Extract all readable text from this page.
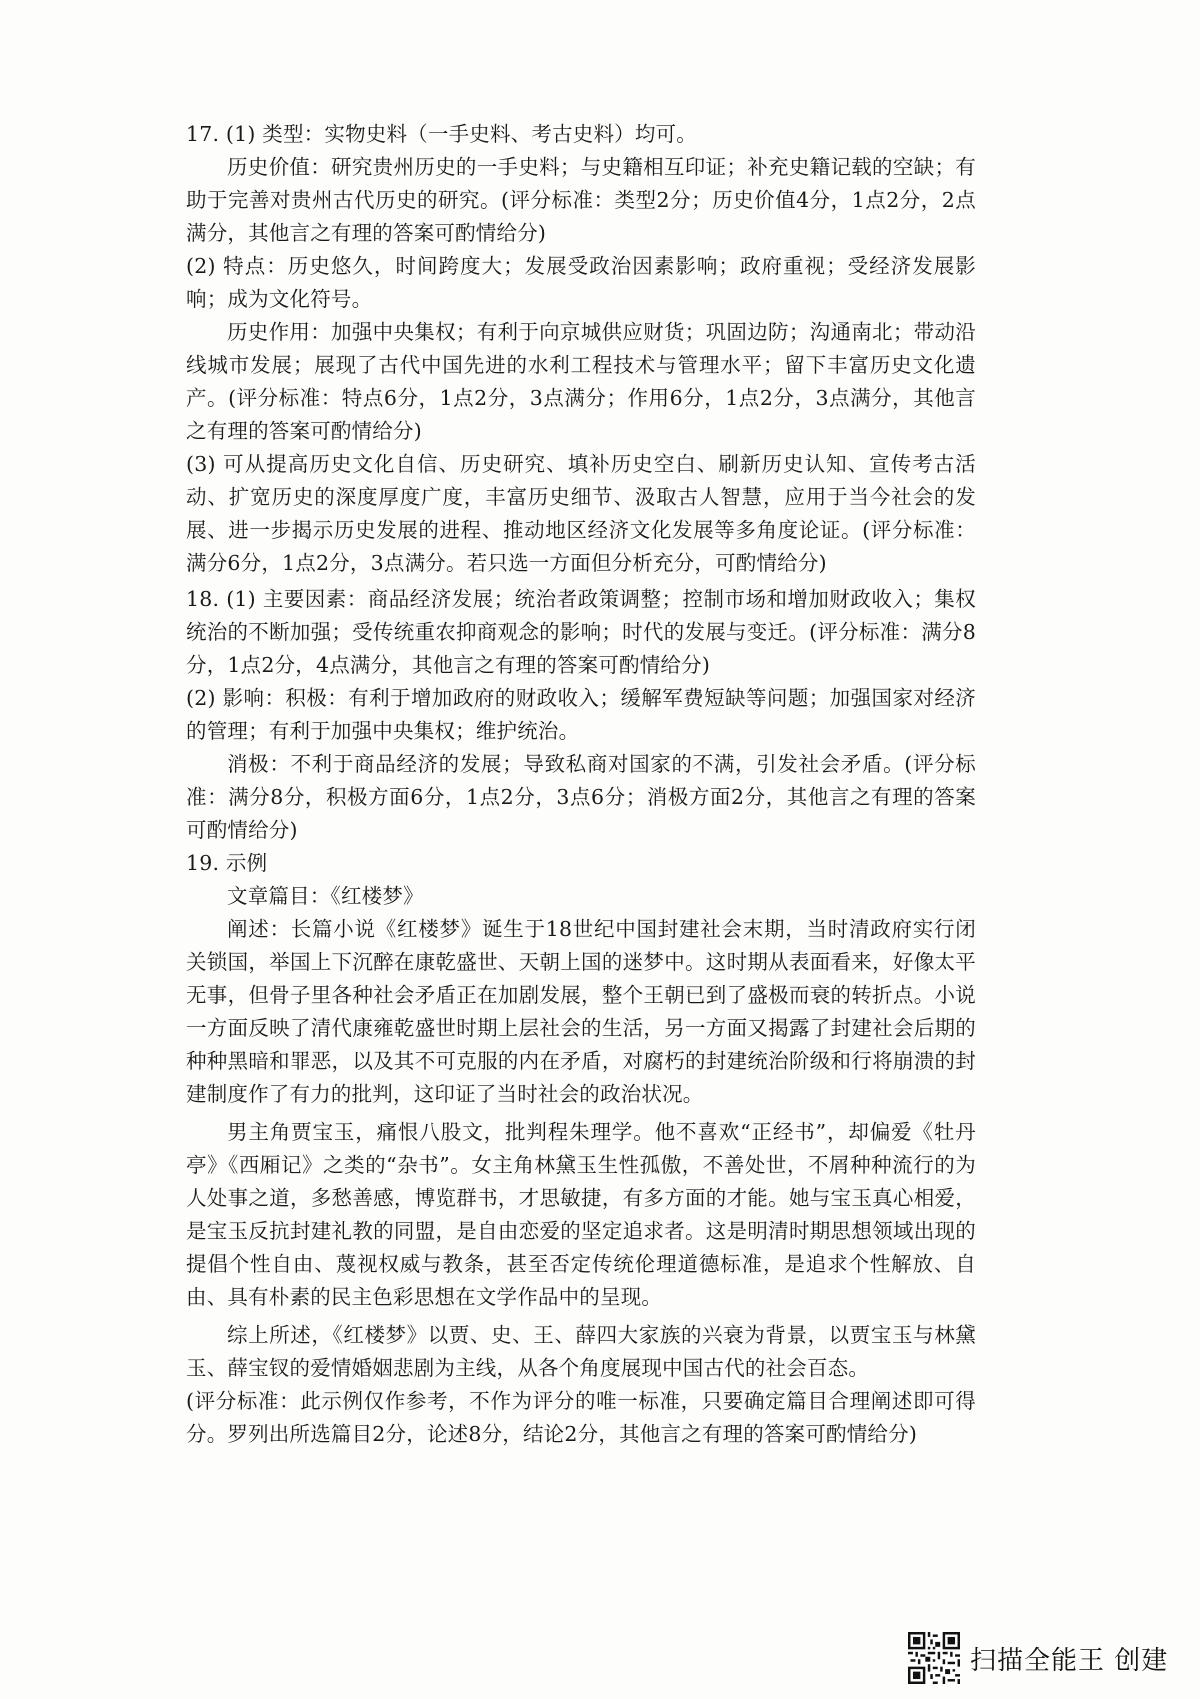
17. (1) 类型：实物史料（一手史料、考古史料）均可。

历史价值：研究贵州历史的一手史料；与史籍相互印证；补充史籍记载的空缺；有助于完善对贵州古代历史的研究。(评分标准：类型2分；历史价值4分，1点2分，2点满分，其他言之有理的答案可酌情给分)

(2) 特点：历史悠久，时间跨度大；发展受政治因素影响；政府重视；受经济发展影响；成为文化符号。

历史作用：加强中央集权；有利于向京城供应财货；巩固边防；沟通南北；带动沿线城市发展；展现了古代中国先进的水利工程技术与管理水平；留下丰富历史文化遗产。(评分标准：特点6分，1点2分，3点满分；作用6分，1点2分，3点满分，其他言之有理的答案可酌情给分)

(3) 可从提高历史文化自信、历史研究、填补历史空白、刷新历史认知、宣传考古活动、扩宽历史的深度厚度广度，丰富历史细节、汲取古人智慧，应用于当今社会的发展、进一步揭示历史发展的进程、推动地区经济文化发展等多角度论证。(评分标准：满分6分，1点2分，3点满分。若只选一方面但分析充分，可酌情给分)

18. (1) 主要因素：商品经济发展；统治者政策调整；控制市场和增加财政收入；集权统治的不断加强；受传统重农抑商观念的影响；时代的发展与变迁。(评分标准：满分8分，1点2分，4点满分，其他言之有理的答案可酌情给分)

(2) 影响：积极：有利于增加政府的财政收入；缓解军费短缺等问题；加强国家对经济的管理；有利于加强中央集权；维护统治。

消极：不利于商品经济的发展；导致私商对国家的不满，引发社会矛盾。(评分标准：满分8分，积极方面6分，1点2分，3点6分；消极方面2分，其他言之有理的答案可酌情给分)

19. 示例

文章篇目：《红楼梦》

阐述：长篇小说《红楼梦》诞生于18世纪中国封建社会末期，当时清政府实行闭关锁国，举国上下沉醉在康乾盛世、天朝上国的迷梦中。这时期从表面看来，好像太平无事，但骨子里各种社会矛盾正在加剧发展，整个王朝已到了盛极而衰的转折点。小说一方面反映了清代康雍乾盛世时期上层社会的生活，另一方面又揭露了封建社会后期的种种黑暗和罪恶，以及其不可克服的内在矛盾，对腐朽的封建统治阶级和行将崩溃的封建制度作了有力的批判，这印证了当时社会的政治状况。

男主角贾宝玉，痛恨八股文，批判程朱理学。他不喜欢“正经书”，却偏爱《牡丹亭》《西厢记》之类的“杂书”。女主角林黛玉生性孤傲，不善处世，不屑种种流行的为人处事之道，多愁善感，博览群书，才思敏捷，有多方面的才能。她与宝玉真心相爱，是宝玉反抗封建礼教的同盟，是自由恋爱的坚定追求者。这是明清时期思想领域出现的提倡个性自由、蔑视权威与教条，甚至否定传统伦理道德标准，是追求个性解放、自由、具有朴素的民主色彩思想在文学作品中的呈现。

综上所述，《红楼梦》以贾、史、王、薛四大家族的兴衰为背景，以贾宝玉与林黛玉、薛宝钗的爱情婚姻悲剧为主线，从各个角度展现中国古代的社会百态。

(评分标准：此示例仅作参考，不作为评分的唯一标准，只要确定篇目合理阐述即可得分。罗列出所选篇目2分，论述8分，结论2分，其他言之有理的答案可酌情给分)

扫描全能王 创建
